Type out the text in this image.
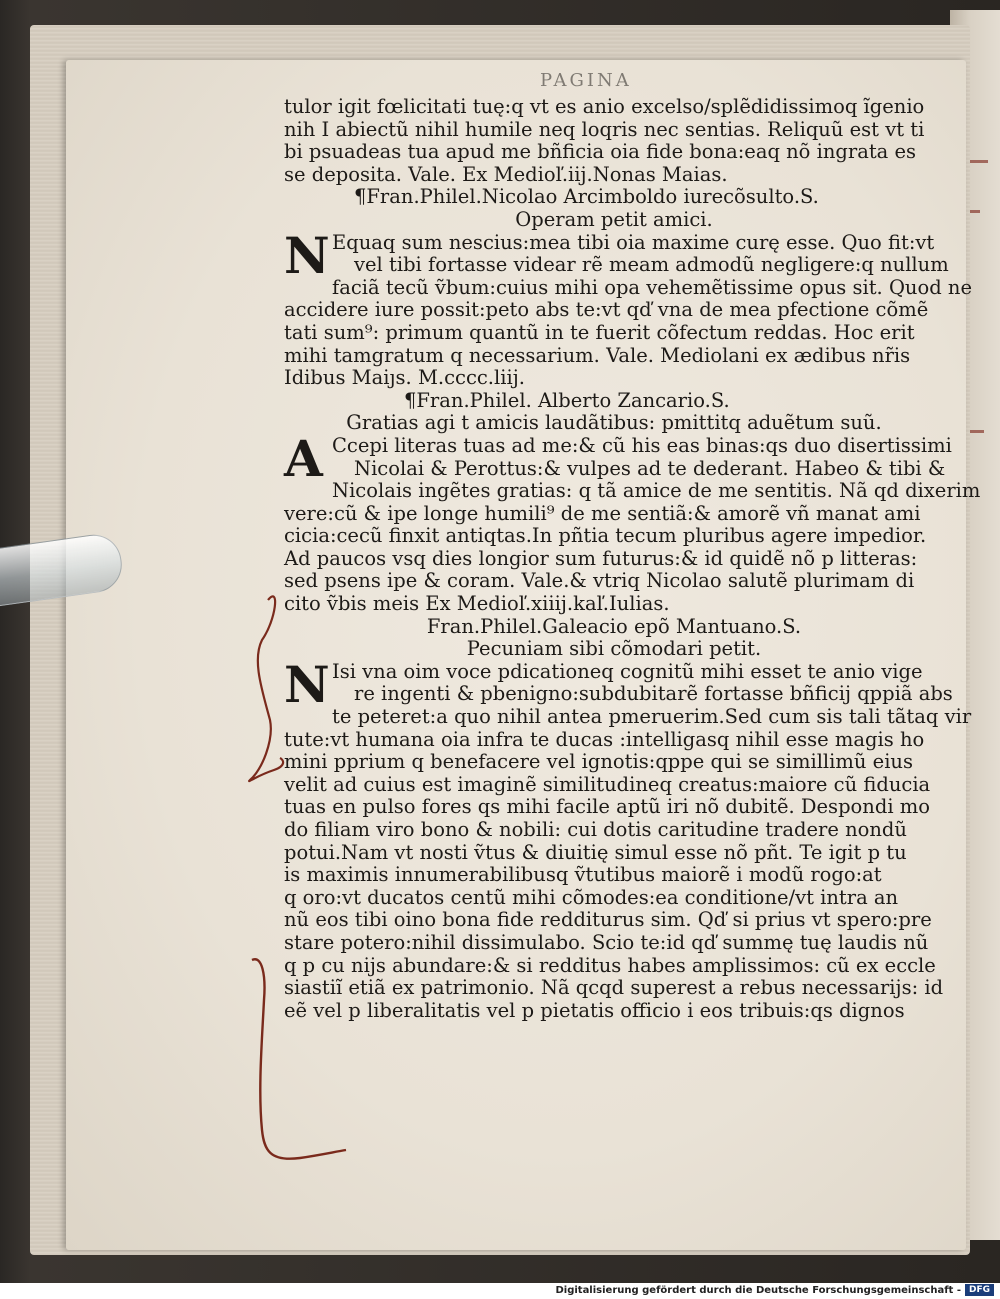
PAGINA
tulor igit fœlicitati tuę:q vt es anio excelso/splẽdidissimoq ĩgenio
nih I abiectũ nihil humile neq loqris nec sentias. Reliquũ est vt ti
bi psuadeas tua apud me bñficia oia fide bona:eaq nõ ingrata es
se deposita. Vale. Ex Medioľ.iij.Nonas Maias.
¶Fran.Philel.Nicolao Arcimboldo iurecõsulto.S.
Operam petit amici.
N Equaq sum nescius:mea tibi oia maxime curę esse. Quo fit:vt
vel tibi fortasse videar rẽ meam admodũ negligere:q nullum
faciã tecũ ṽbum:cuius mihi opa vehemẽtissime opus sit. Quod ne
accidere iure possit:peto abs te:vt qď vna de mea pfectione cõmẽ
tati sum⁹: primum quantũ in te fuerit cõfectum reddas. Hoc erit
mihi tamgratum q necessarium. Vale. Mediolani ex ædibus nr̃is
Idibus Maiȷs. M.cccc.liij.
¶Fran.Philel. Alberto Zancario.S.
Gratias agi t amicis laudãtibus: pmittitq aduẽtum suũ.
A Ccepi literas tuas ad me:& cũ his eas binas:qs duo disertissimi
Nicolai & Perottus:& vulpes ad te dederant. Habeo & tibi &
Nicolais ingẽtes gratias: q tã amice de me sentitis. Nã qd dixerim
vere:cũ & ipe longe humili⁹ de me sentiã:& amorẽ vñ manat ami
cicia:cecũ finxit antiqtas.In pñtia tecum pluribus agere impedior.
Ad paucos vsq dies longior sum futurus:& id quidẽ nõ p litteras:
sed psens ipe & coram. Vale.& vtriq Nicolao salutẽ plurimam di
cito ṽbis meis Ex Medioľ.xiiij.kaľ.Iulias.
Fran.Philel.Galeacio epõ Mantuano.S.
Pecuniam sibi cõmodari petit.
N Isi vna oim voce pdicationeq cognitũ mihi esset te anio vige
re ingenti & pbenigno:subdubitarẽ fortasse bñficij qppiã abs
te peteret:a quo nihil antea pmeruerim.Sed cum sis tali tãtaq vir
tute:vt humana oia infra te ducas :intelligasq nihil esse magis ho
mini pprium q benefacere vel ignotis:qppe qui se simillimũ eius
velit ad cuius est imaginẽ similitudineq creatus:maiore cũ fiducia
tuas en pulso fores qs mihi facile aptũ iri nõ dubitẽ. Despondi mo
do filiam viro bono & nobili: cui dotis caritudine tradere nondũ
potui.Nam vt nosti ṽtus & diuitię simul esse nõ pñt. Te igit p tu
is maximis innumerabilibusq ṽtutibus maiorẽ i modũ rogo:at
q oro:vt ducatos centũ mihi cõmodes:ea conditione/vt intra an
nũ eos tibi oino bona fide redditurus sim. Qď si prius vt spero:pre
stare potero:nihil dissimulabo. Scio te:id qď summę tuę laudis nũ
q p cu nijs abundare:& si redditus habes amplissimos: cũ ex eccle
siastiĩ etiã ex patrimonio. Nã qcqd superest a rebus necessarijs: id
eẽ vel p liberalitatis vel p pietatis officio i eos tribuis:qs dignos
Digitalisierung gefördert durch die Deutsche Forschungsgemeinschaft - DFG
